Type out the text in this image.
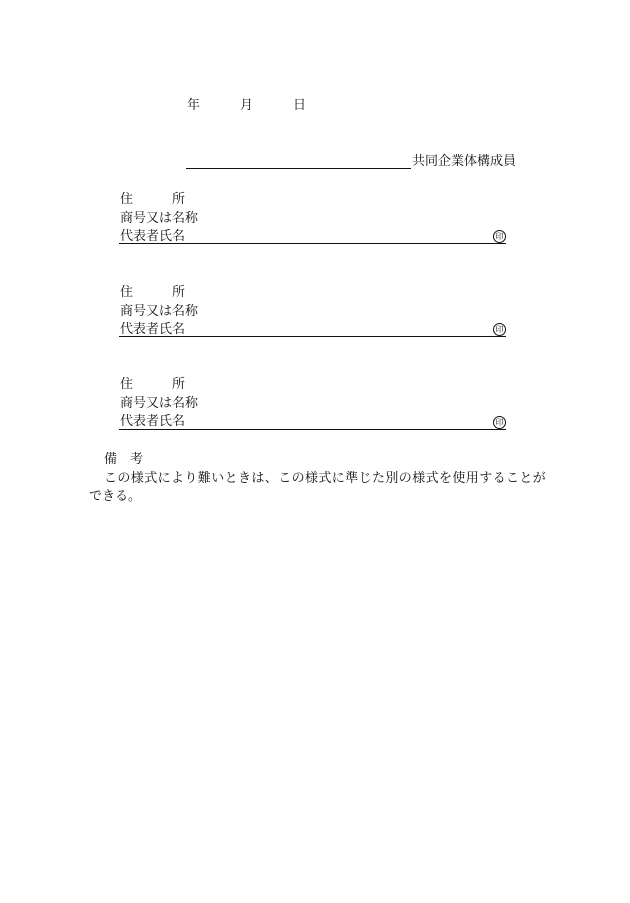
年	月	日
共同企業体構成員
住　　　所
商号又は名称
代表者氏名	印
住　　　所
商号又は名称
代表者氏名	印
住　　　所
商号又は名称
代表者氏名	印
備　考
この様式により難いときは、この様式に準じた別の様式を使用することが
できる。
